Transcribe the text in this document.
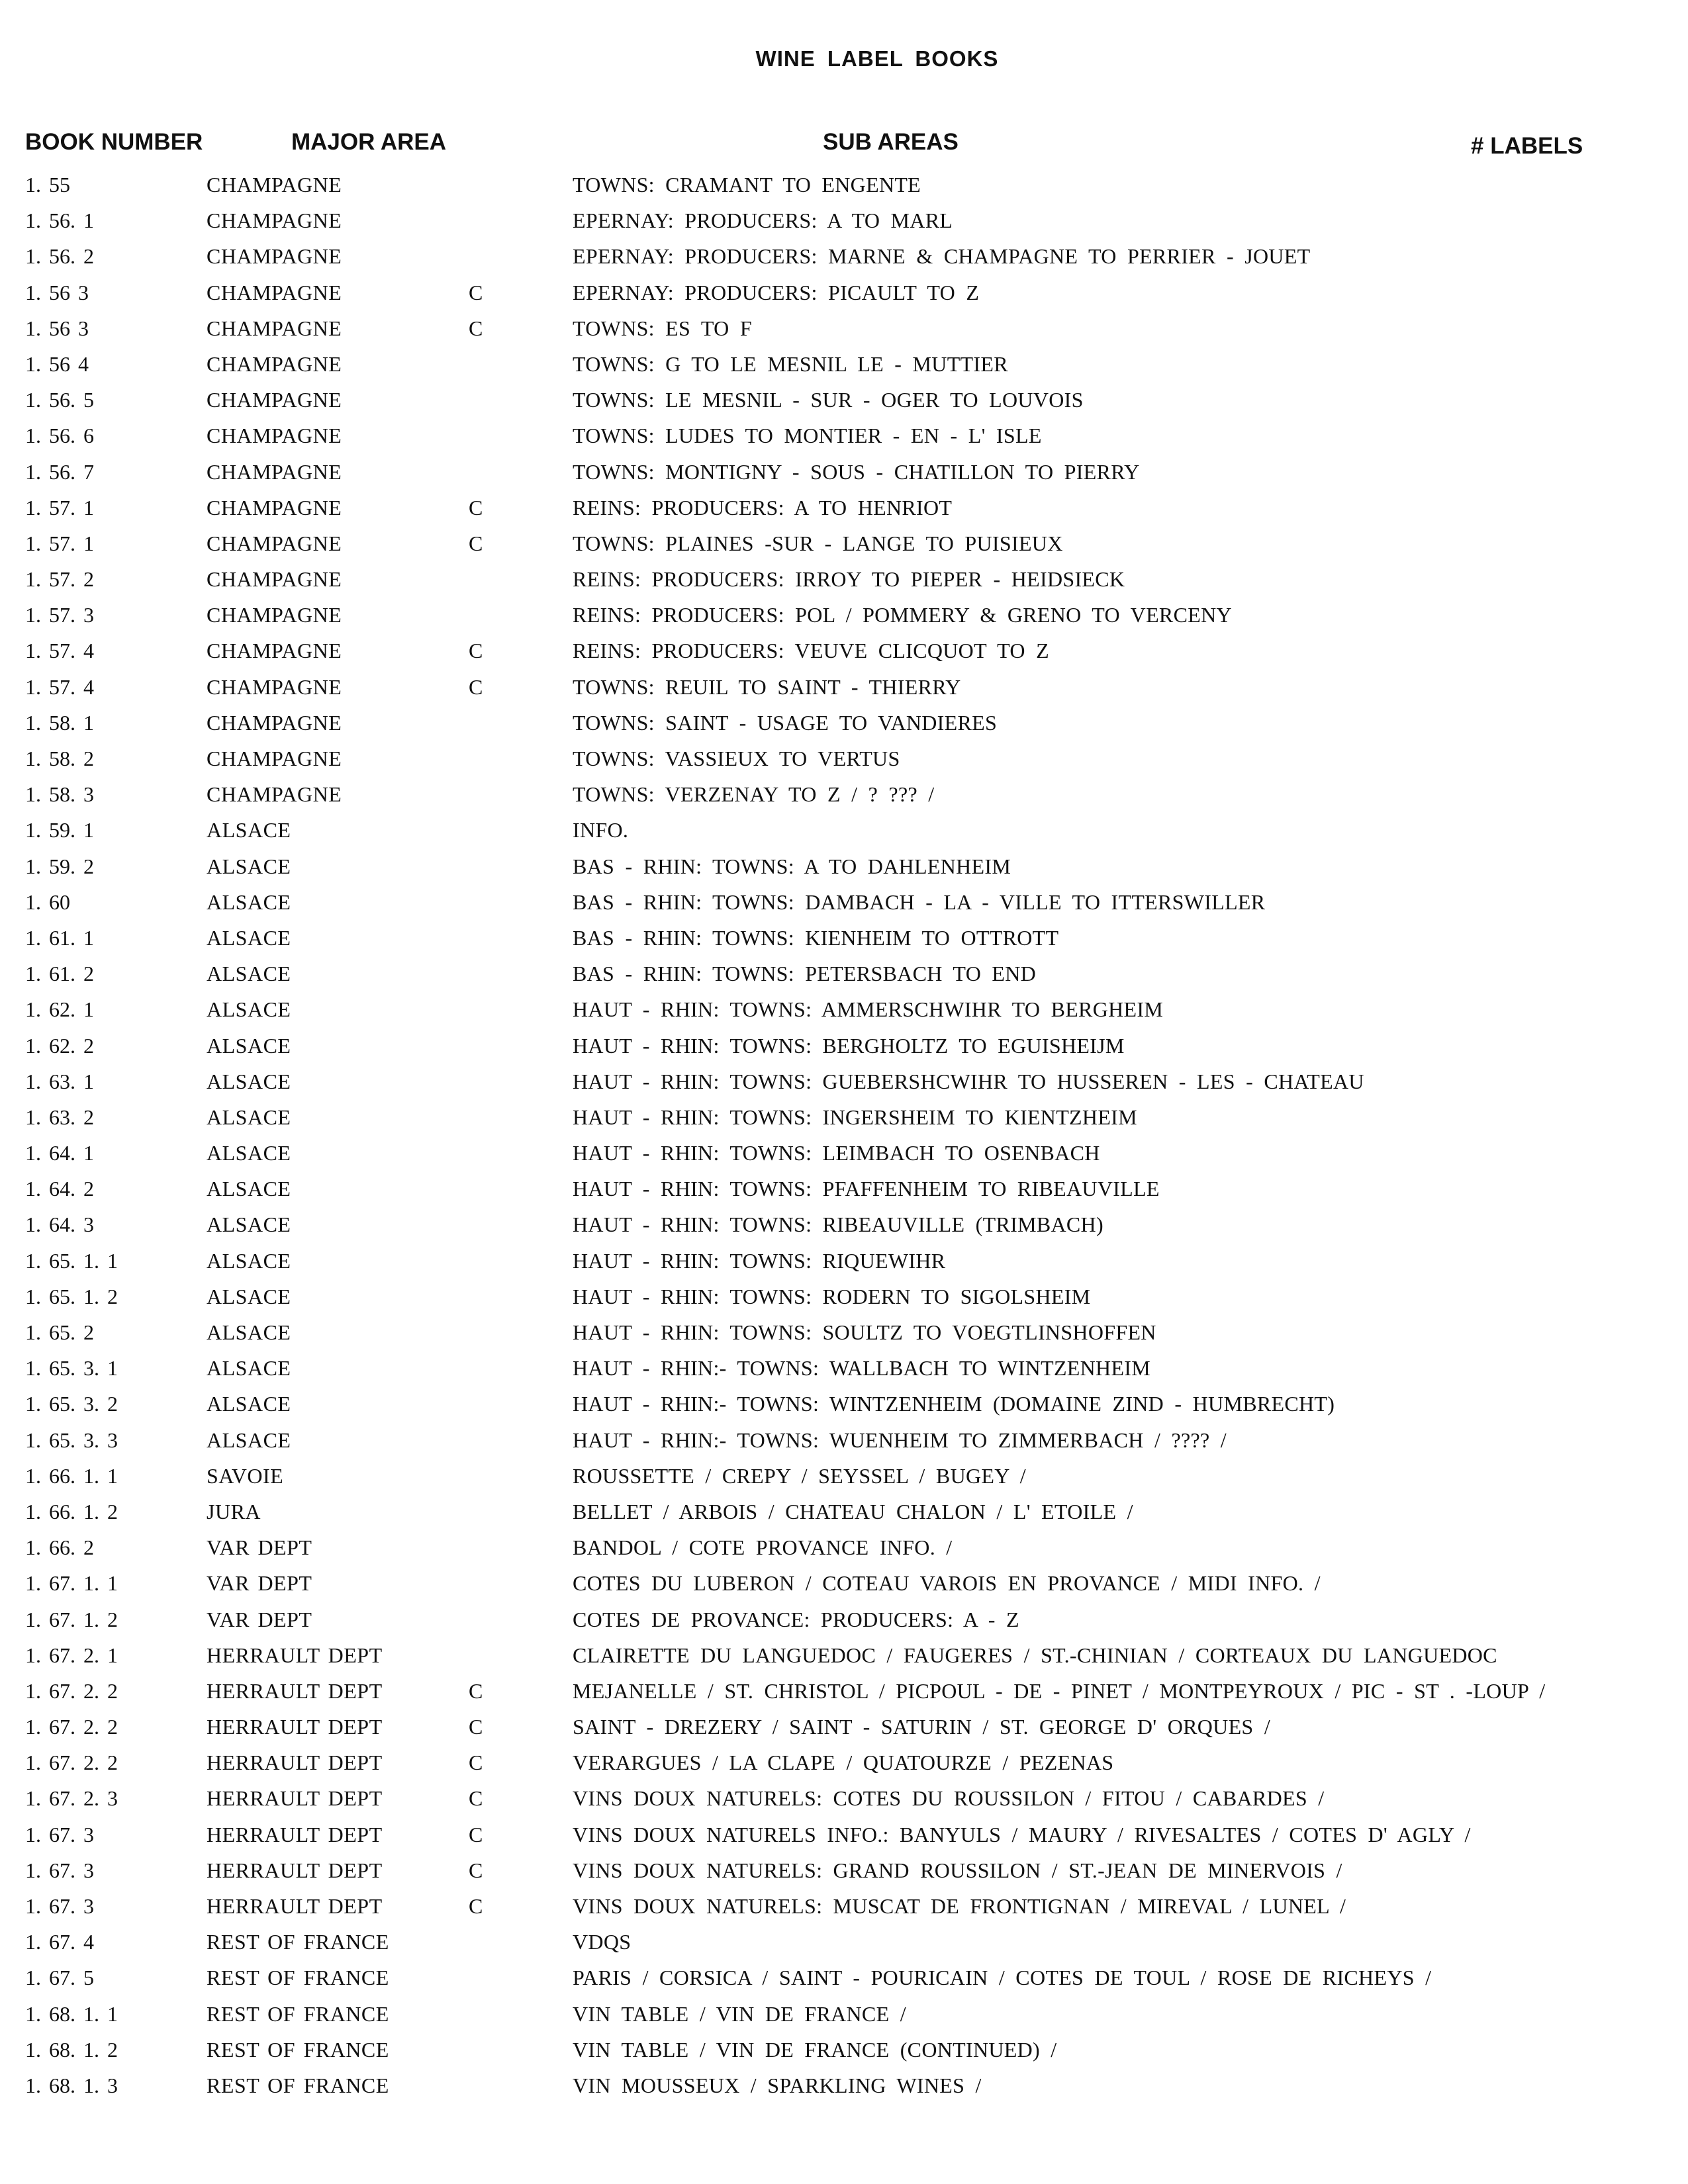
WINE LABEL BOOKS
BOOK NUMBER	MAJOR AREA	SUB AREAS	# LABELS
1. 55	CHAMPAGNE	TOWNS: CRAMANT TO ENGENTE
1. 56. 1	CHAMPAGNE	EPERNAY: PRODUCERS: A TO MARL
1. 56. 2	CHAMPAGNE	EPERNAY: PRODUCERS: MARNE & CHAMPAGNE TO PERRIER - JOUET
1. 56 3	CHAMPAGNE	C	EPERNAY: PRODUCERS: PICAULT TO Z
1. 56 3	CHAMPAGNE	C	TOWNS: ES TO F
1. 56 4	CHAMPAGNE	TOWNS: G TO LE MESNIL LE - MUTTIER
1. 56. 5	CHAMPAGNE	TOWNS: LE MESNIL - SUR - OGER TO LOUVOIS
1. 56. 6	CHAMPAGNE	TOWNS: LUDES TO MONTIER - EN - L' ISLE
1. 56. 7	CHAMPAGNE	TOWNS: MONTIGNY - SOUS - CHATILLON TO PIERRY
1. 57. 1	CHAMPAGNE	C	REINS: PRODUCERS: A TO HENRIOT
1. 57. 1	CHAMPAGNE	C	TOWNS: PLAINES -SUR - LANGE TO PUISIEUX
1. 57. 2	CHAMPAGNE	REINS: PRODUCERS: IRROY TO PIEPER - HEIDSIECK
1. 57. 3	CHAMPAGNE	REINS: PRODUCERS: POL / POMMERY & GRENO TO VERCENY
1. 57. 4	CHAMPAGNE	C	REINS: PRODUCERS: VEUVE CLICQUOT TO Z
1. 57. 4	CHAMPAGNE	C	TOWNS: REUIL TO SAINT - THIERRY
1. 58. 1	CHAMPAGNE	TOWNS: SAINT - USAGE TO VANDIERES
1. 58. 2	CHAMPAGNE	TOWNS: VASSIEUX TO VERTUS
1. 58. 3	CHAMPAGNE	TOWNS: VERZENAY TO Z / ? ??? /
1. 59. 1	ALSACE	INFO.
1. 59. 2	ALSACE	BAS - RHIN: TOWNS: A TO DAHLENHEIM
1. 60	ALSACE	BAS - RHIN: TOWNS: DAMBACH - LA - VILLE TO ITTERSWILLER
1. 61. 1	ALSACE	BAS - RHIN: TOWNS: KIENHEIM TO OTTROTT
1. 61. 2	ALSACE	BAS - RHIN: TOWNS: PETERSBACH TO END
1. 62. 1	ALSACE	HAUT - RHIN: TOWNS: AMMERSCHWIHR TO BERGHEIM
1. 62. 2	ALSACE	HAUT - RHIN: TOWNS: BERGHOLTZ TO EGUISHEIJM
1. 63. 1	ALSACE	HAUT - RHIN: TOWNS: GUEBERSHCWIHR TO HUSSEREN - LES - CHATEAU
1. 63. 2	ALSACE	HAUT - RHIN: TOWNS: INGERSHEIM TO KIENTZHEIM
1. 64. 1	ALSACE	HAUT - RHIN: TOWNS: LEIMBACH TO OSENBACH
1. 64. 2	ALSACE	HAUT - RHIN: TOWNS: PFAFFENHEIM TO RIBEAUVILLE
1. 64. 3	ALSACE	HAUT - RHIN: TOWNS: RIBEAUVILLE (TRIMBACH)
1. 65. 1. 1	ALSACE	HAUT - RHIN: TOWNS: RIQUEWIHR
1. 65. 1. 2	ALSACE	HAUT - RHIN: TOWNS: RODERN TO SIGOLSHEIM
1. 65. 2	ALSACE	HAUT - RHIN: TOWNS: SOULTZ TO VOEGTLINSHOFFEN
1. 65. 3. 1	ALSACE	HAUT - RHIN:- TOWNS: WALLBACH TO WINTZENHEIM
1. 65. 3. 2	ALSACE	HAUT - RHIN:- TOWNS: WINTZENHEIM (DOMAINE ZIND - HUMBRECHT)
1. 65. 3. 3	ALSACE	HAUT - RHIN:- TOWNS: WUENHEIM TO ZIMMERBACH / ???? /
1. 66. 1. 1	SAVOIE	ROUSSETTE / CREPY / SEYSSEL / BUGEY /
1. 66. 1. 2	JURA	BELLET / ARBOIS / CHATEAU CHALON / L' ETOILE /
1. 66. 2	VAR DEPT	BANDOL / COTE PROVANCE INFO. /
1. 67. 1. 1	VAR DEPT	COTES DU LUBERON / COTEAU VAROIS EN PROVANCE / MIDI INFO. /
1. 67. 1. 2	VAR DEPT	COTES DE PROVANCE: PRODUCERS: A - Z
1. 67. 2. 1	HERRAULT DEPT	CLAIRETTE DU LANGUEDOC / FAUGERES / ST.-CHINIAN / CORTEAUX DU LANGUEDOC
1. 67. 2. 2	HERRAULT DEPT	C	MEJANELLE / ST. CHRISTOL / PICPOUL - DE - PINET / MONTPEYROUX / PIC - ST . -LOUP /
1. 67. 2. 2	HERRAULT DEPT	C	SAINT - DREZERY / SAINT - SATURIN / ST. GEORGE D' ORQUES /
1. 67. 2. 2	HERRAULT DEPT	C	VERARGUES / LA CLAPE / QUATOURZE / PEZENAS
1. 67. 2. 3	HERRAULT DEPT	C	VINS DOUX NATURELS: COTES DU ROUSSILON / FITOU / CABARDES /
1. 67. 3	HERRAULT DEPT	C	VINS DOUX NATURELS INFO.: BANYULS / MAURY / RIVESALTES / COTES D' AGLY /
1. 67. 3	HERRAULT DEPT	C	VINS DOUX NATURELS: GRAND ROUSSILON / ST.-JEAN DE MINERVOIS /
1. 67. 3	HERRAULT DEPT	C	VINS DOUX NATURELS: MUSCAT DE FRONTIGNAN / MIREVAL / LUNEL /
1. 67. 4	REST OF FRANCE	VDQS
1. 67. 5	REST OF FRANCE	PARIS / CORSICA / SAINT - POURICAIN / COTES DE TOUL / ROSE DE RICHEYS /
1. 68. 1. 1	REST OF FRANCE	VIN TABLE / VIN DE FRANCE /
1. 68. 1. 2	REST OF FRANCE	VIN TABLE / VIN DE FRANCE (CONTINUED) /
1. 68. 1. 3	REST OF FRANCE	VIN MOUSSEUX / SPARKLING WINES /
